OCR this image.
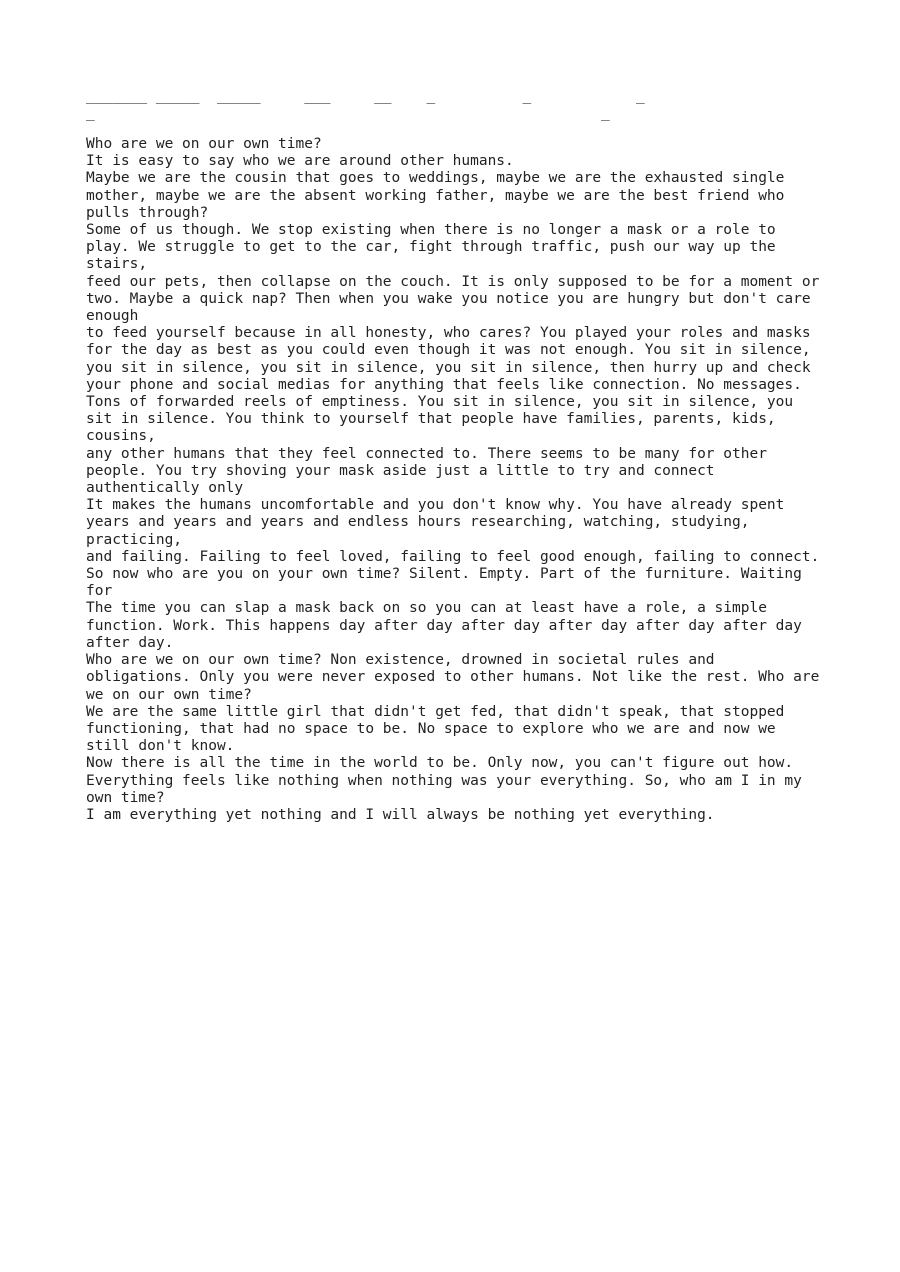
_______ _____  _____     ___     __    _          _            _
_                                                          _

Who are we on our own time?

It is easy to say who we are around other humans.

Maybe we are the cousin that goes to weddings, maybe we are the exhausted single mother, maybe we are the absent working father, maybe we are the best friend who pulls through?

Some of us though. We stop existing when there is no longer a mask or a role to play. We struggle to get to the car, fight through traffic, push our way up the stairs,

feed our pets, then collapse on the couch. It is only supposed to be for a moment or two. Maybe a quick nap? Then when you wake you notice you are hungry but don't care enough

to feed yourself because in all honesty, who cares? You played your roles and masks for the day as best as you could even though it was not enough. You sit in silence,

you sit in silence, you sit in silence, you sit in silence, then hurry up and check your phone and social medias for anything that feels like connection. No messages.

Tons of forwarded reels of emptiness. You sit in silence, you sit in silence, you sit in silence. You think to yourself that people have families, parents, kids, cousins,

any other humans that they feel connected to. There seems to be many for other people. You try shoving your mask aside just a little to try and connect authentically only

It makes the humans uncomfortable and you don't know why. You have already spent years and years and years and endless hours researching, watching, studying, practicing,

and failing. Failing to feel loved, failing to feel good enough, failing to connect. So now who are you on your own time? Silent. Empty. Part of the furniture. Waiting for

The time you can slap a mask back on so you can at least have a role, a simple function. Work. This happens day after day after day after day after day after day after day.

Who are we on our own time? Non existence, drowned in societal rules and obligations. Only you were never exposed to other humans. Not like the rest. Who are we on our own time?

We are the same little girl that didn't get fed, that didn't speak, that stopped functioning, that had no space to be. No space to explore who we are and now we still don't know.

Now there is all the time in the world to be. Only now, you can't figure out how. Everything feels like nothing when nothing was your everything. So, who am I in my own time?

I am everything yet nothing and I will always be nothing yet everything.
